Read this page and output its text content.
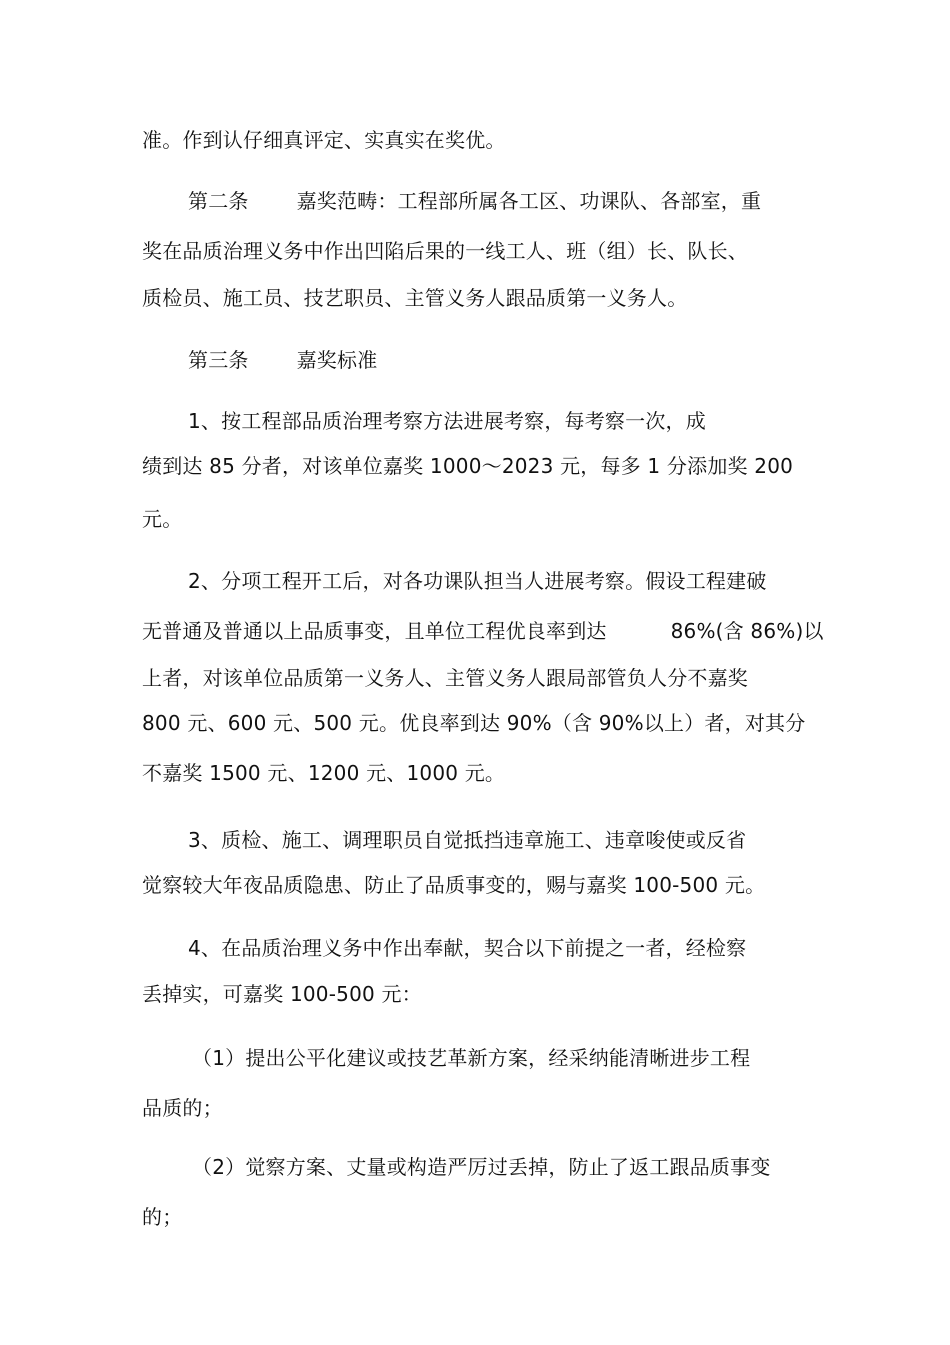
准。作到认仔细真评定、实真实在奖优。
第二条 嘉奖范畴：工程部所属各工区、功课队、各部室，重
奖在品质治理义务中作出凹陷后果的一线工人、班（组）长、队长、
质检员、施工员、技艺职员、主管义务人跟品质第一义务人。
第三条 嘉奖标准
1、按工程部品质治理考察方法进展考察，每考察一次，成
绩到达 85 分者，对该单位嘉奖 1000～2023 元，每多 1 分添加奖 200
元。
2、分项工程开工后，对各功课队担当人进展考察。假设工程建破
无普通及普通以上品质事变，且单位工程优良率到达	86%(含 86%)以
上者，对该单位品质第一义务人、主管义务人跟局部管负人分不嘉奖
800 元、600 元、500 元。优良率到达 90%（含 90%以上）者，对其分
不嘉奖 1500 元、1200 元、1000 元。
3、质检、施工、调理职员自觉抵挡违章施工、违章唆使或反省
觉察较大年夜品质隐患、防止了品质事变的，赐与嘉奖 100-500 元。
4、在品质治理义务中作出奉献，契合以下前提之一者，经检察
丢掉实，可嘉奖 100-500 元：
（1）提出公平化建议或技艺革新方案，经采纳能清晰进步工程
品质的；
（2）觉察方案、丈量或构造严厉过丢掉，防止了返工跟品质事变
的；
